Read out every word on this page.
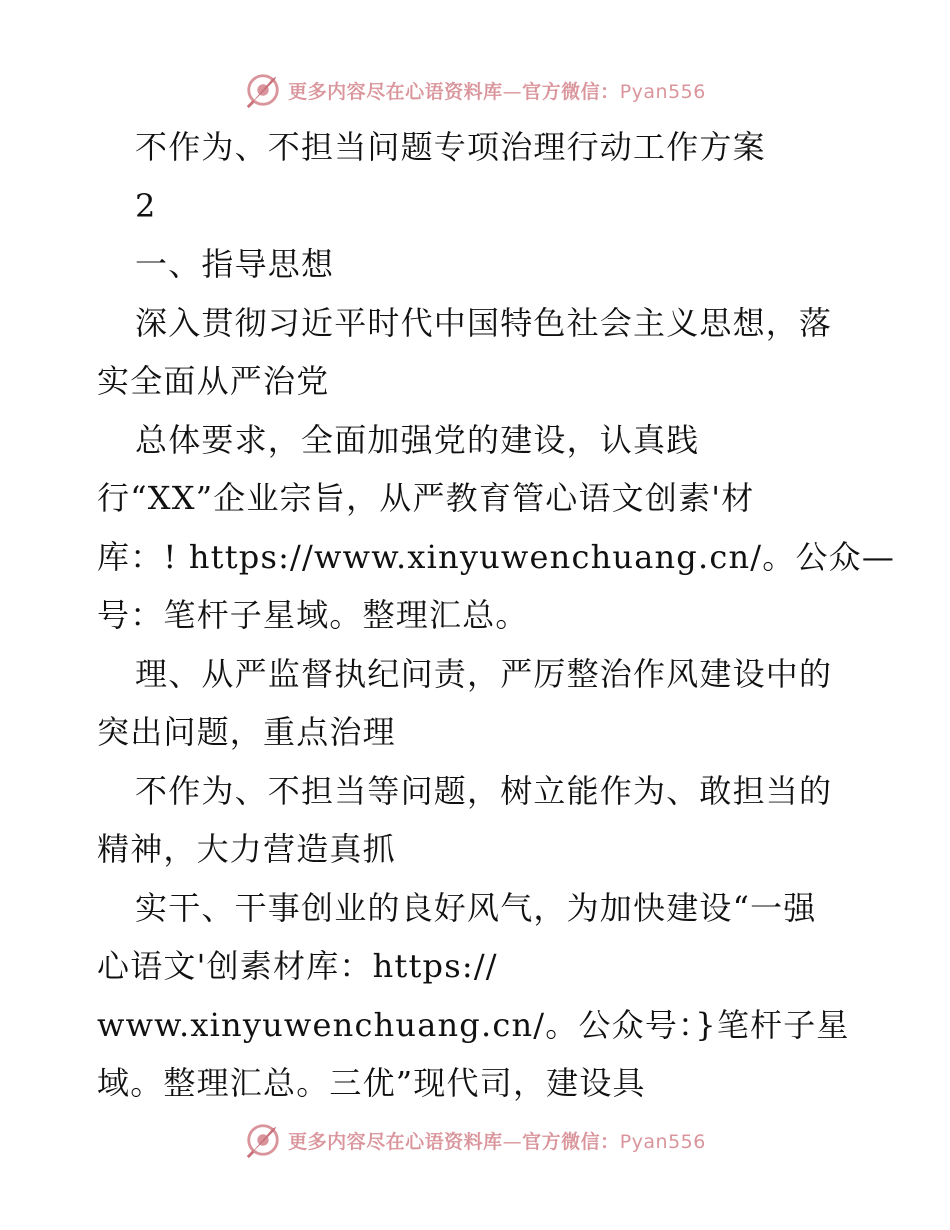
更多内容尽在心语资料库—官方微信：Pyan556
不作为、不担当问题专项治理行动工作方案
2
一、指导思想
深入贯彻习近平时代中国特色社会主义思想，落
实全面从严治党
总体要求，全面加强党的建设，认真践
行“XX”企业宗旨，从严教育管心语文创素'材
库：! https://www.xinyuwenchuang.cn/。公众—
号：笔杆子星域。整理汇总。
理、从严监督执纪问责，严厉整治作风建设中的
突出问题，重点治理
不作为、不担当等问题，树立能作为、敢担当的
精神，大力营造真抓
实干、干事创业的良好风气，为加快建设“一强
心语文'创素材库：https://
www.xinyuwenchuang.cn/。公众号：}笔杆子星
域。整理汇总。三优”现代司，建设具
更多内容尽在心语资料库—官方微信：Pyan556
